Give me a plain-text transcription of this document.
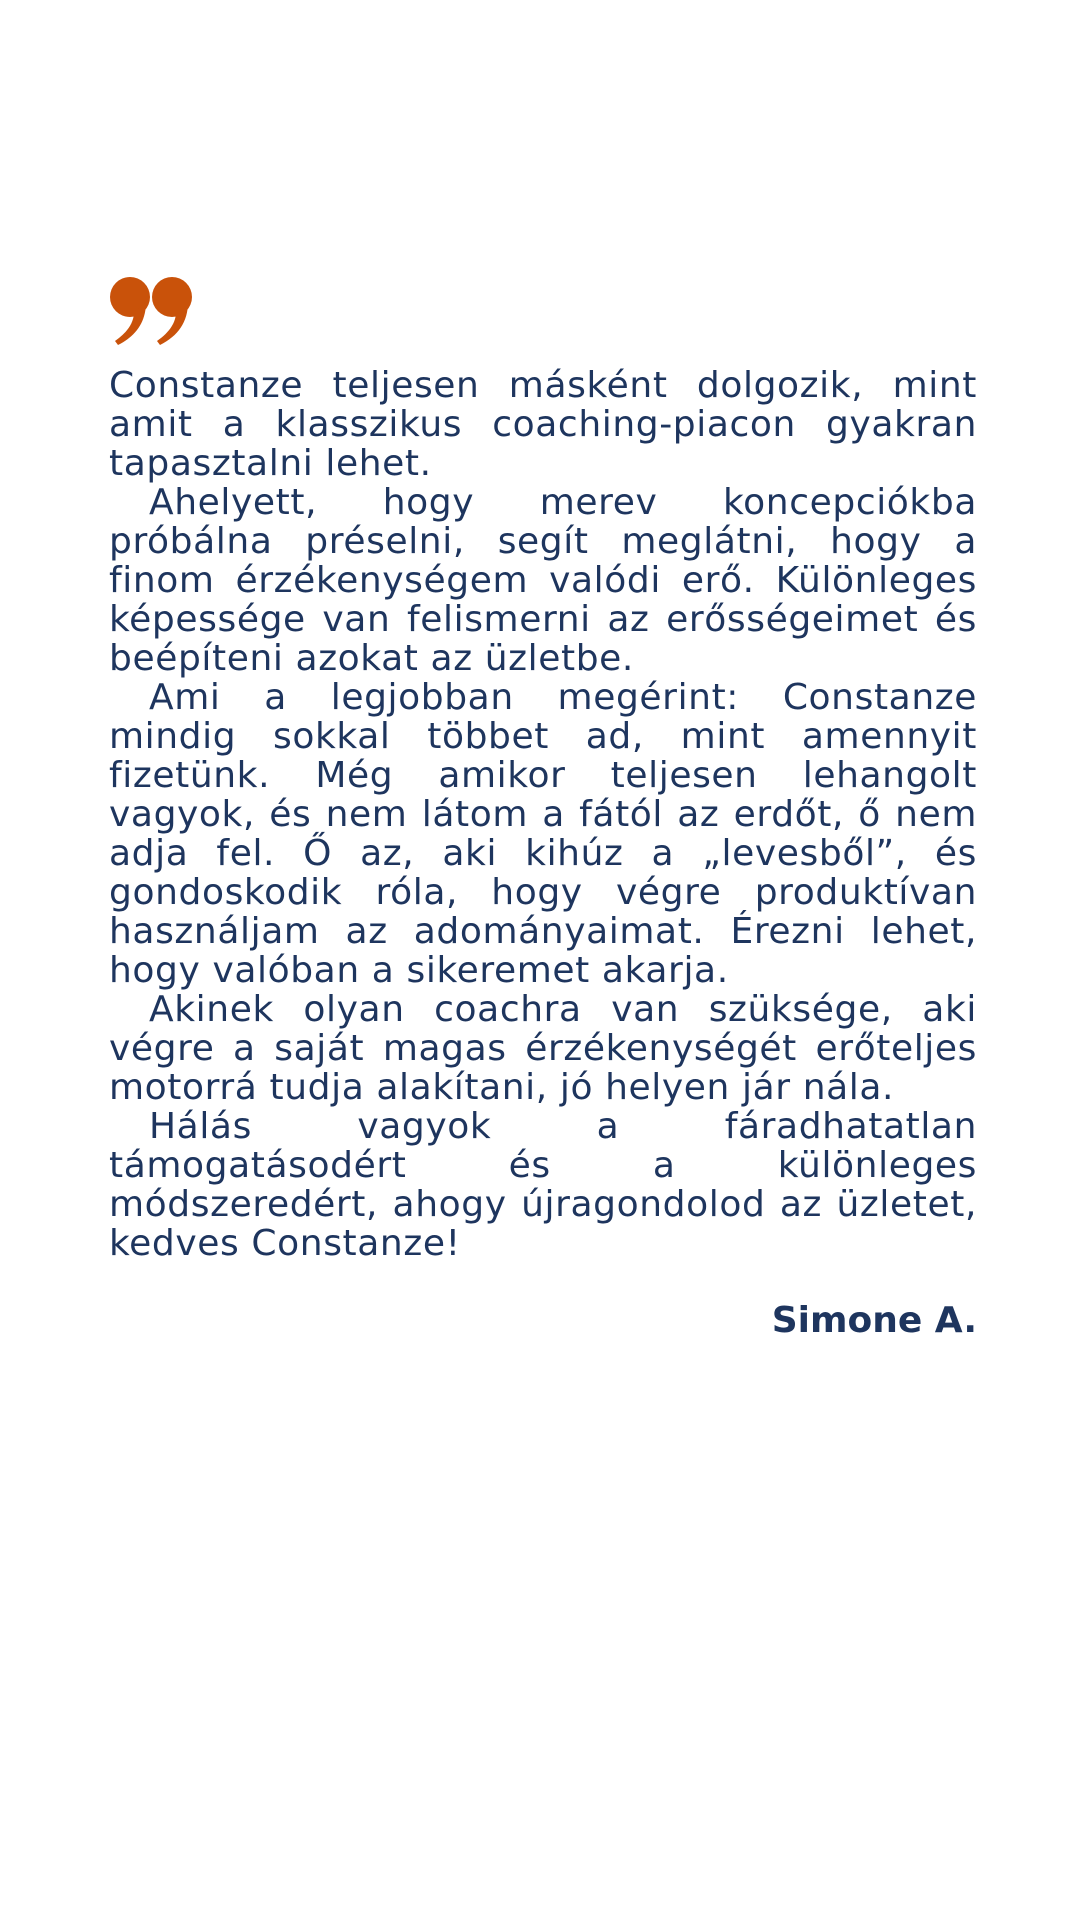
Constanze teljesen másként dolgozik, mint amit a klasszikus coaching-piacon gyakran tapasztalni lehet.

Ahelyett, hogy merev koncepciókba próbálna préselni, segít meglátni, hogy a finom érzékenységem valódi erő. Különleges képessége van felismerni az erősségeimet és beépíteni azokat az üzletbe.

Ami a legjobban megérint: Constanze mindig sokkal többet ad, mint amennyit fizetünk. Még amikor teljesen lehangolt vagyok, és nem látom a fától az erdőt, ő nem adja fel. Ő az, aki kihúz a „levesből”, és gondoskodik róla, hogy végre produktívan használjam az adományaimat. Érezni lehet, hogy valóban a sikeremet akarja.

Akinek olyan coachra van szüksége, aki végre a saját magas érzékenységét erőteljes motorrá tudja alakítani, jó helyen jár nála.

Hálás vagyok a fáradhatatlan támogatásodért és a különleges módszeredért, ahogy újragondolod az üzletet, kedves Constanze!

Simone A.
